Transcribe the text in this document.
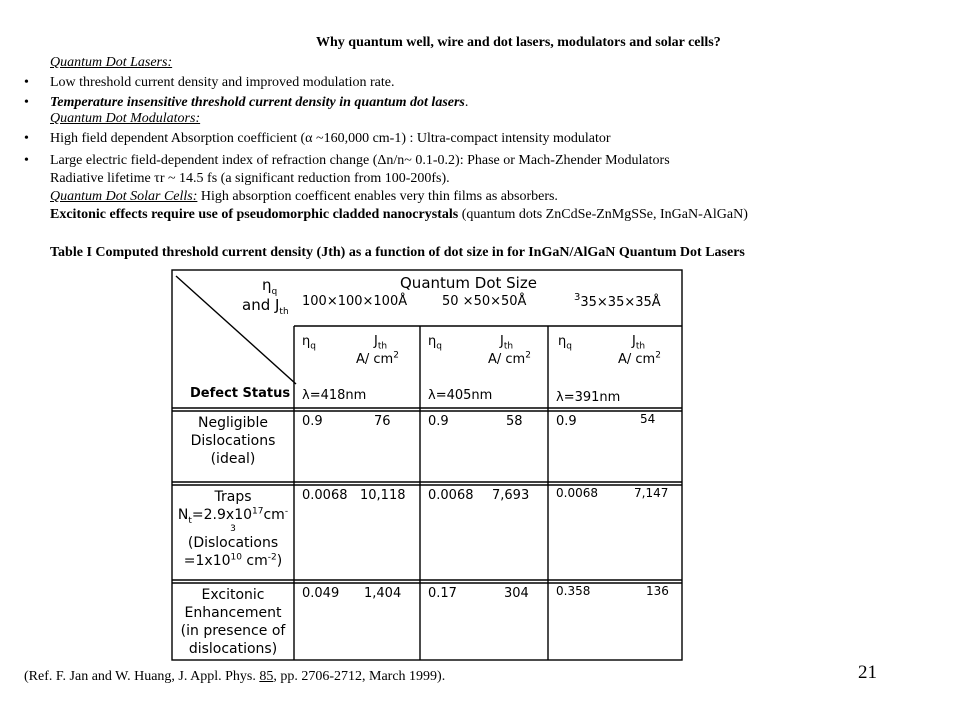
Why quantum well, wire and dot lasers, modulators and solar cells?
Quantum Dot Lasers:
• Low threshold current density and improved modulation rate.
• Temperature insensitive threshold current density in quantum dot lasers.
Quantum Dot Modulators:
• High field dependent Absorption coefficient (α ~160,000 cm-1) : Ultra-compact intensity modulator
• Large electric field-dependent index of refraction change (Δn/n~ 0.1-0.2): Phase or Mach-Zhender Modulators
Radiative lifetime τr ~ 14.5 fs (a significant reduction from 100-200fs).
Quantum Dot Solar Cells: High absorption coefficent enables very thin films as absorbers.
Excitonic effects require use of pseudomorphic cladded nanocrystals (quantum dots ZnCdSe-ZnMgSSe, InGaN-AlGaN)
Table I Computed threshold current density (Jth) as a function of dot size in for InGaN/AlGaN Quantum Dot Lasers
$\eta_q$
and $J_{th}$
Defect Status
Quantum Dot Size
100×100×100Å	50 ×50×50Å	$^3$35×35×35Å
$\eta_q$	$J_{th}$
A/ $cm^2$
$\eta_q$	$J_{th}$
A/ $cm^2$
$\eta_q$	$J_{th}$
A/ $cm^2$
λ=418nm	λ=405nm	λ=391nm
Negligible
Dislocations
(ideal)
0.9	76	0.9	58	0.9	54
Traps
$N_t=2.9x10^{17}cm^-$
3
(Dislocations
$=1x10^{10}$ $cm^{-2}$)
0.0068 10,118 0.0068 7,693 0.0068	7,147
Excitonic
Enhancement
(in presence of
dislocations)
0.049 1,404 0.17	304 0.358	136
(Ref. F. Jan and W. Huang, J. Appl. Phys. 85, pp. 2706-2712, March 1999).	21
